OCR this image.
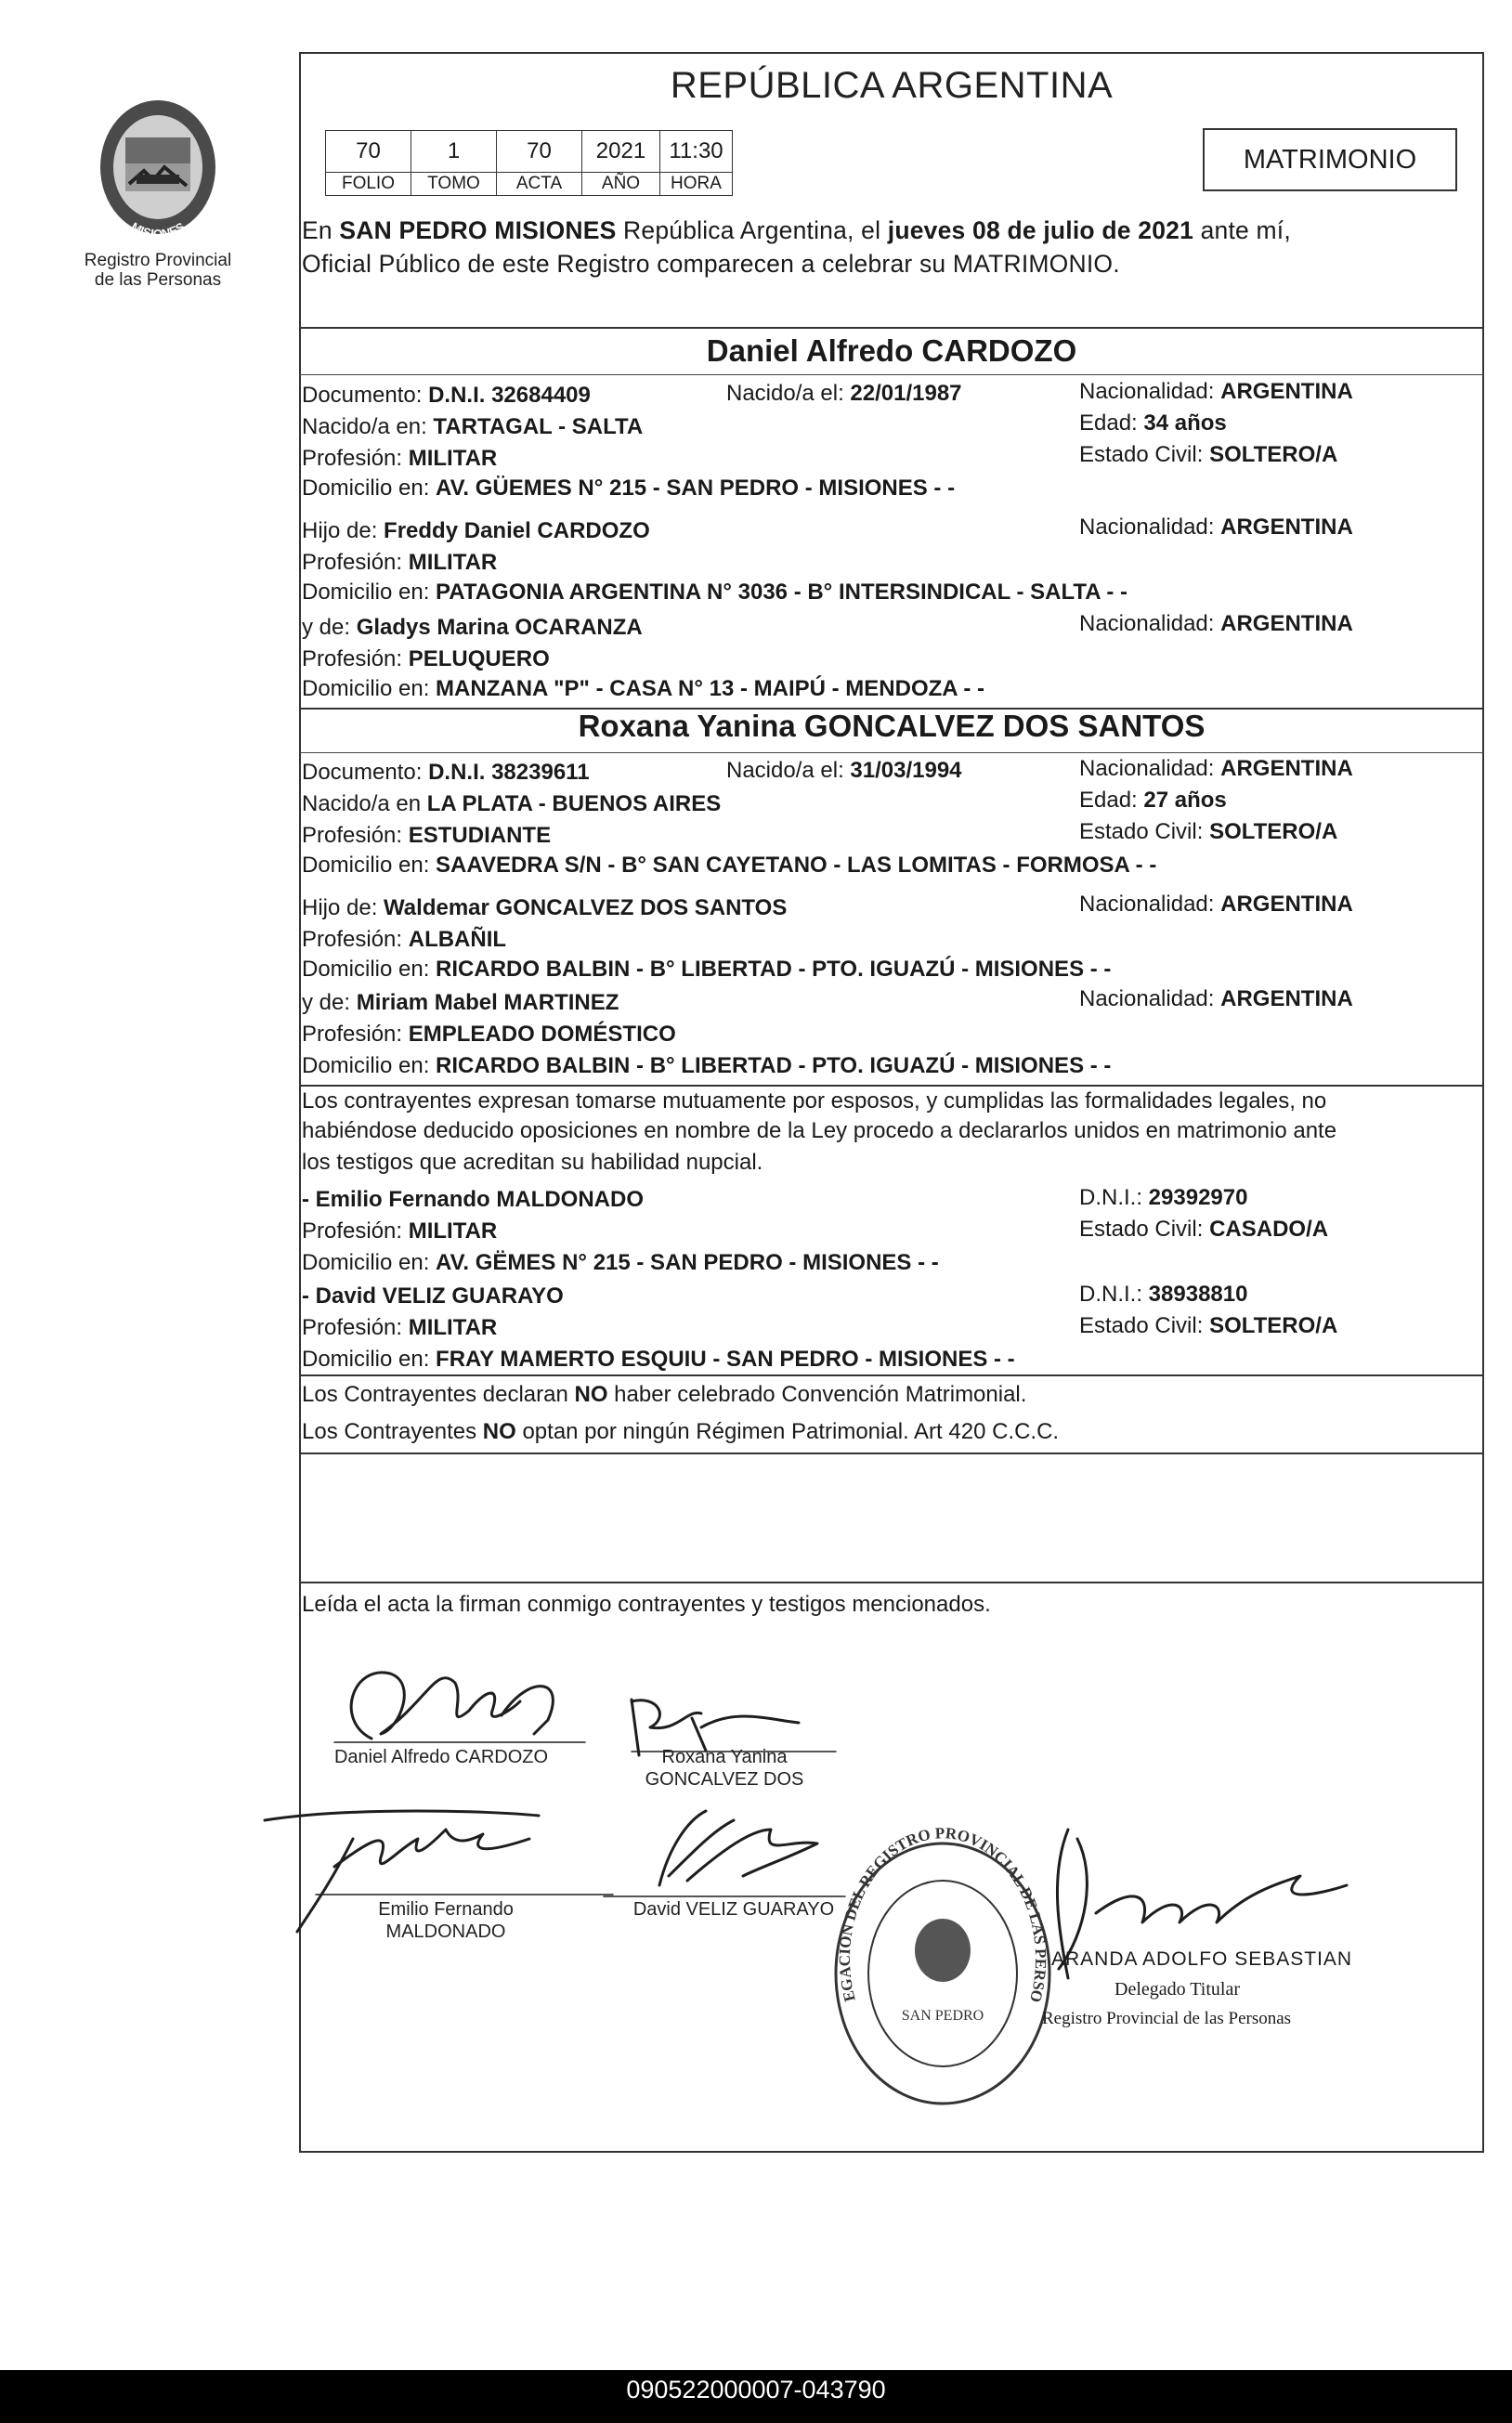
PROVINCIA DE
MISIONES
Registro Provincial
de las Personas
REPÚBLICA ARGENTINA
70	1	70	2021	11:30
FOLIO	TOMO	ACTA	AÑO	HORA
MATRIMONIO
En SAN PEDRO MISIONES República Argentina, el jueves 08 de julio de 2021 ante mí,
Oficial Público de este Registro comparecen a celebrar su MATRIMONIO.
Daniel Alfredo CARDOZO
Documento: D.N.I. 32684409	Nacido/a el: 22/01/1987	Nacionalidad: ARGENTINA
Nacido/a en: TARTAGAL - SALTA	Edad: 34 años
Profesión: MILITAR	Estado Civil: SOLTERO/A
Domicilio en: AV. GÜEMES N° 215 - SAN PEDRO - MISIONES - -
Hijo de: Freddy Daniel CARDOZO	Nacionalidad: ARGENTINA
Profesión: MILITAR
Domicilio en: PATAGONIA ARGENTINA N° 3036 - B° INTERSINDICAL - SALTA - -
y de: Gladys Marina OCARANZA	Nacionalidad: ARGENTINA
Profesión: PELUQUERO
Domicilio en: MANZANA "P" - CASA N° 13 - MAIPÚ - MENDOZA - -
Roxana Yanina GONCALVEZ DOS SANTOS
Documento: D.N.I. 38239611	Nacido/a el: 31/03/1994	Nacionalidad: ARGENTINA
Nacido/a en LA PLATA - BUENOS AIRES	Edad: 27 años
Profesión: ESTUDIANTE	Estado Civil: SOLTERO/A
Domicilio en: SAAVEDRA S/N - B° SAN CAYETANO - LAS LOMITAS - FORMOSA - -
Hijo de: Waldemar GONCALVEZ DOS SANTOS	Nacionalidad: ARGENTINA
Profesión: ALBAÑIL
Domicilio en: RICARDO BALBIN - B° LIBERTAD - PTO. IGUAZÚ - MISIONES - -
y de: Miriam Mabel MARTINEZ	Nacionalidad: ARGENTINA
Profesión: EMPLEADO DOMÉSTICO
Domicilio en: RICARDO BALBIN - B° LIBERTAD - PTO. IGUAZÚ - MISIONES - -
Los contrayentes expresan tomarse mutuamente por esposos, y cumplidas las formalidades legales, no
habiéndose deducido oposiciones en nombre de la Ley procedo a declararlos unidos en matrimonio ante
los testigos que acreditan su habilidad nupcial.
- Emilio Fernando MALDONADO	D.N.I.: 29392970
Profesión: MILITAR	Estado Civil: CASADO/A
Domicilio en: AV. GËMES N° 215 - SAN PEDRO - MISIONES - -
- David VELIZ GUARAYO	D.N.I.: 38938810
Profesión: MILITAR	Estado Civil: SOLTERO/A
Domicilio en: FRAY MAMERTO ESQUIU - SAN PEDRO - MISIONES - -
Los Contrayentes declaran NO haber celebrado Convención Matrimonial.
Los Contrayentes NO optan por ningún Régimen Patrimonial. Art 420 C.C.C.
Leída el acta la firman conmigo contrayentes y testigos mencionados.
Daniel Alfredo CARDOZO	Roxana Yanina
GONCALVEZ DOS
Emilio Fernando
MALDONADO
David VELIZ GUARAYO
DELEGACION DEL REGISTRO PROVINCIAL DE LAS PERSONAS
SAN PEDRO
ARANDA ADOLFO SEBASTIAN
Delegado Titular
Registro Provincial de las Personas
090522000007-043790
